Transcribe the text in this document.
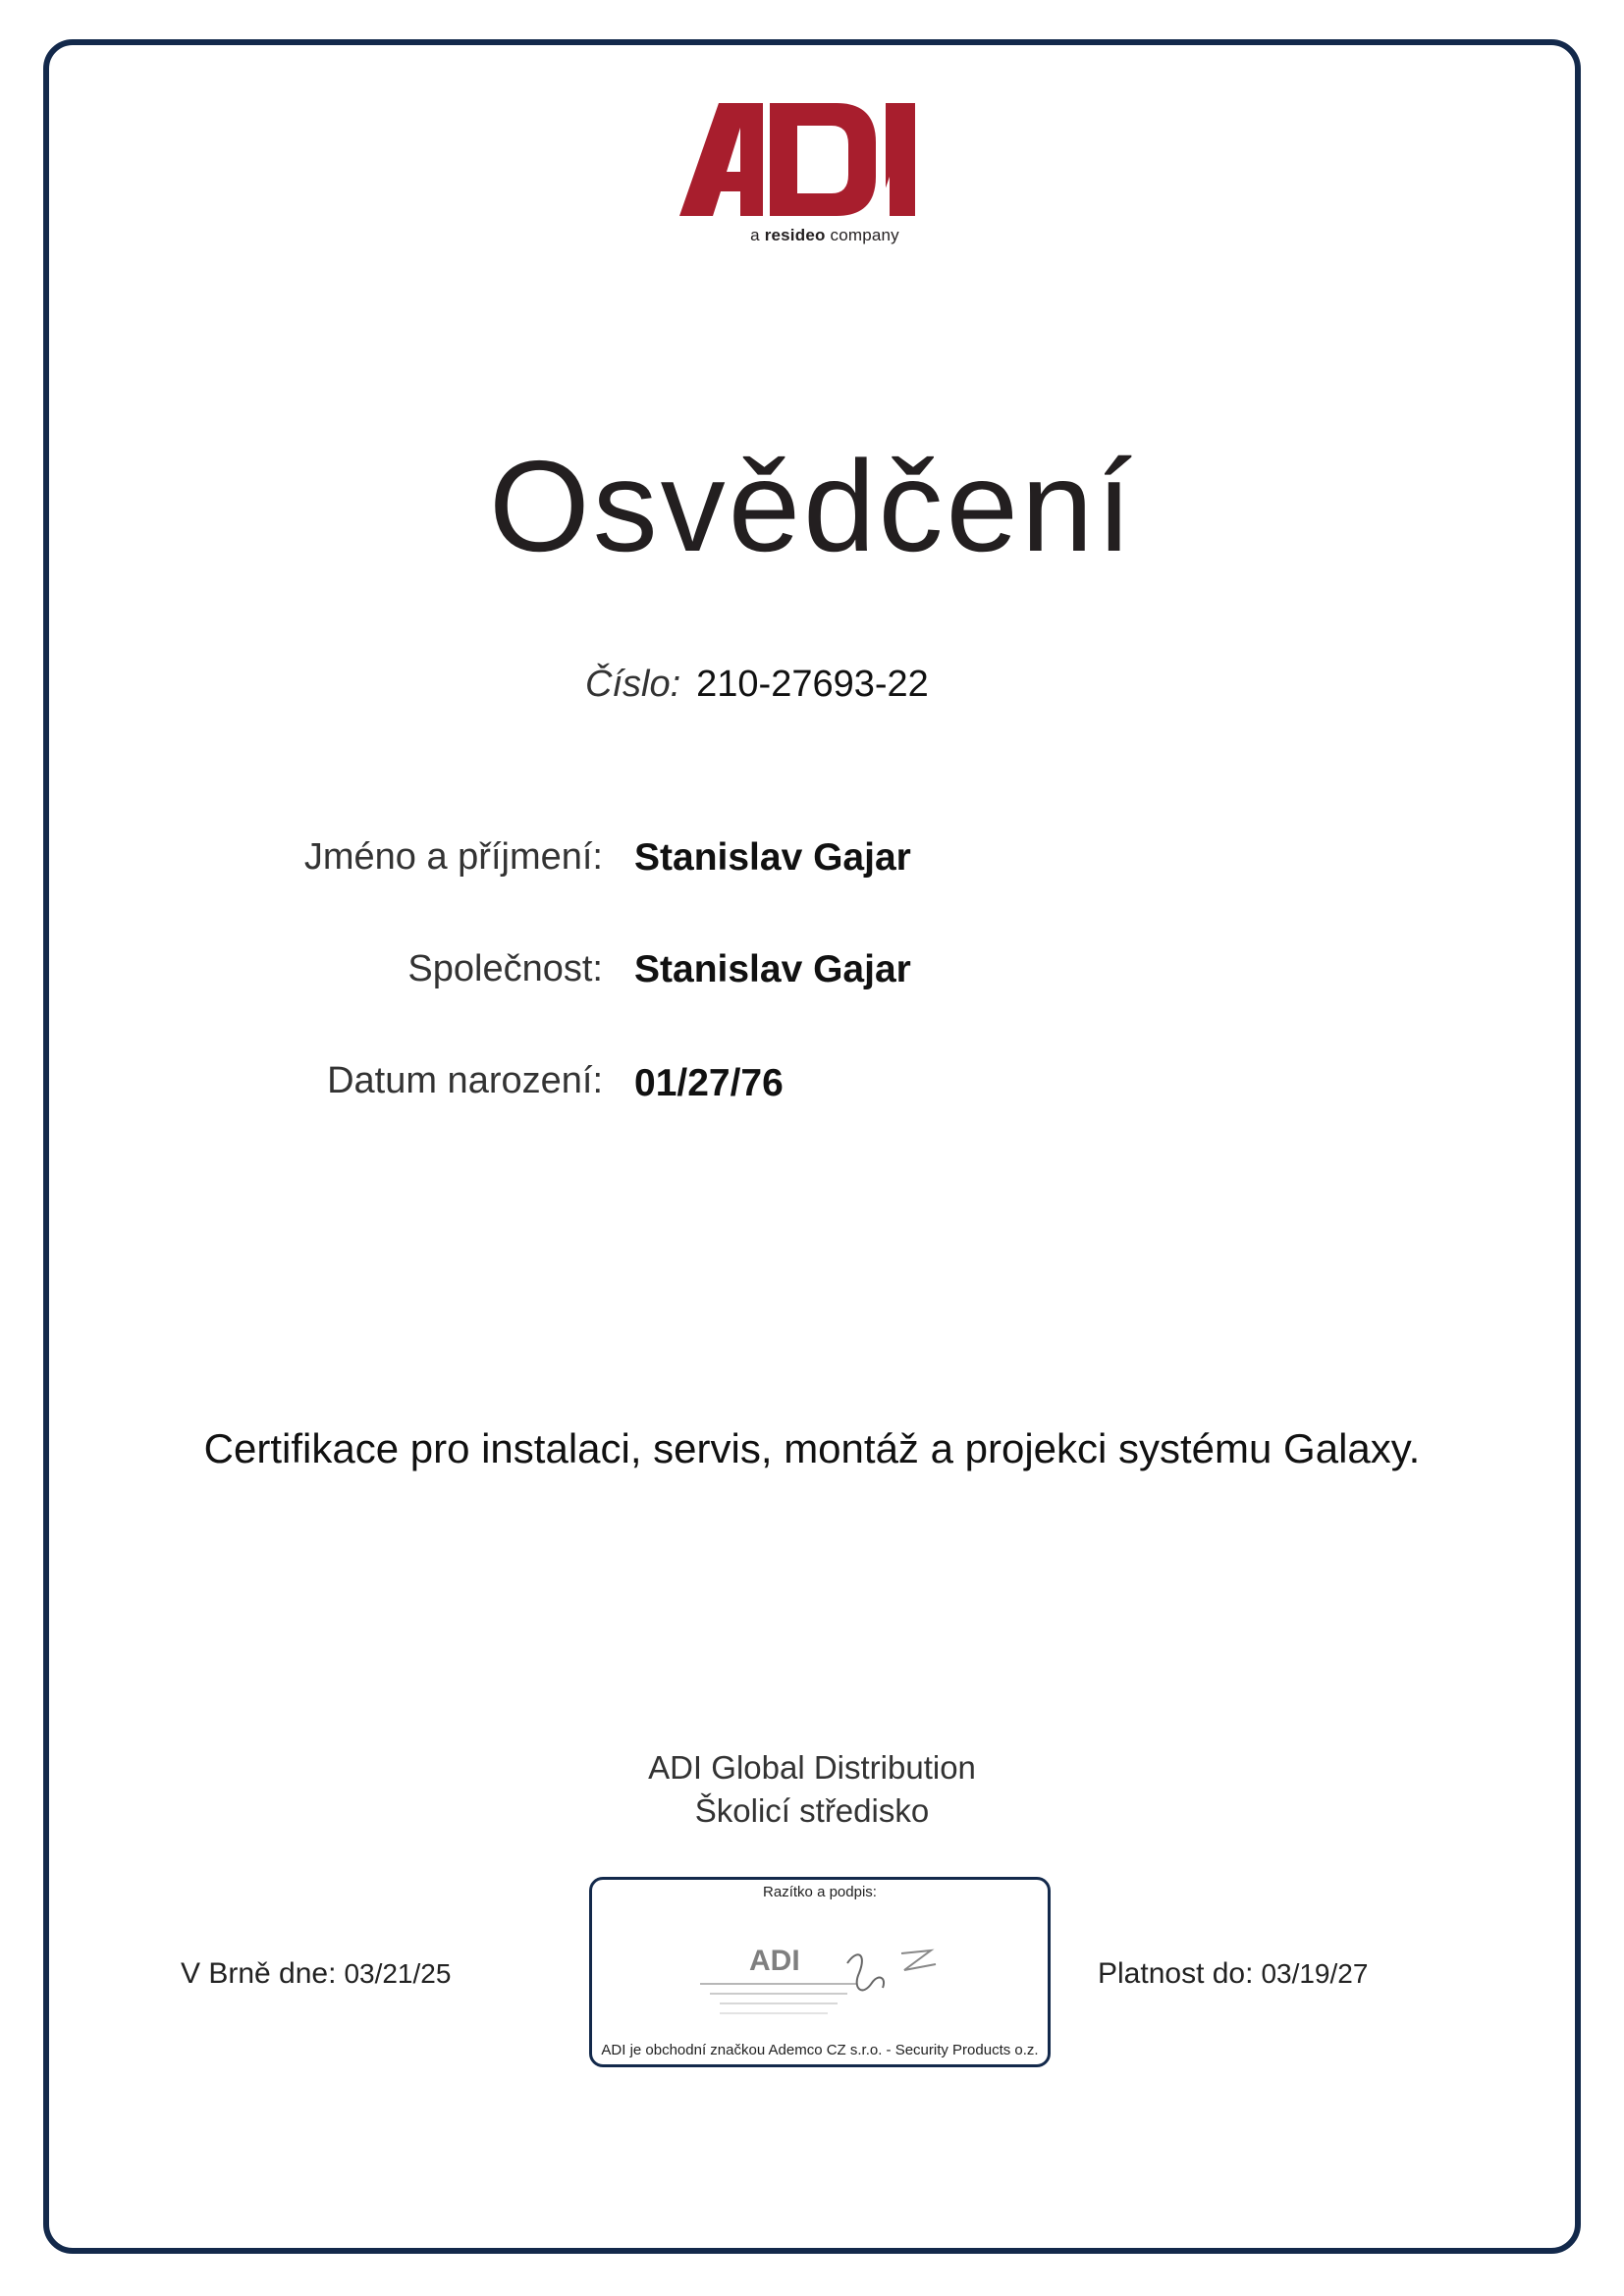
a resideo company
Osvědčení
Číslo: 210-27693-22
Jméno a příjmení: Stanislav Gajar
Společnost: Stanislav Gajar
Datum narození: 01/27/76
Certifikace pro instalaci, servis, montáž a projekci systému Galaxy.
ADI Global Distribution
Školicí středisko
V Brně dne: 03/21/25	Platnost do: 03/19/27
Razítko a podpis:
ADI
ADI je obchodní značkou Ademco CZ s.r.o. - Security Products o.z.
